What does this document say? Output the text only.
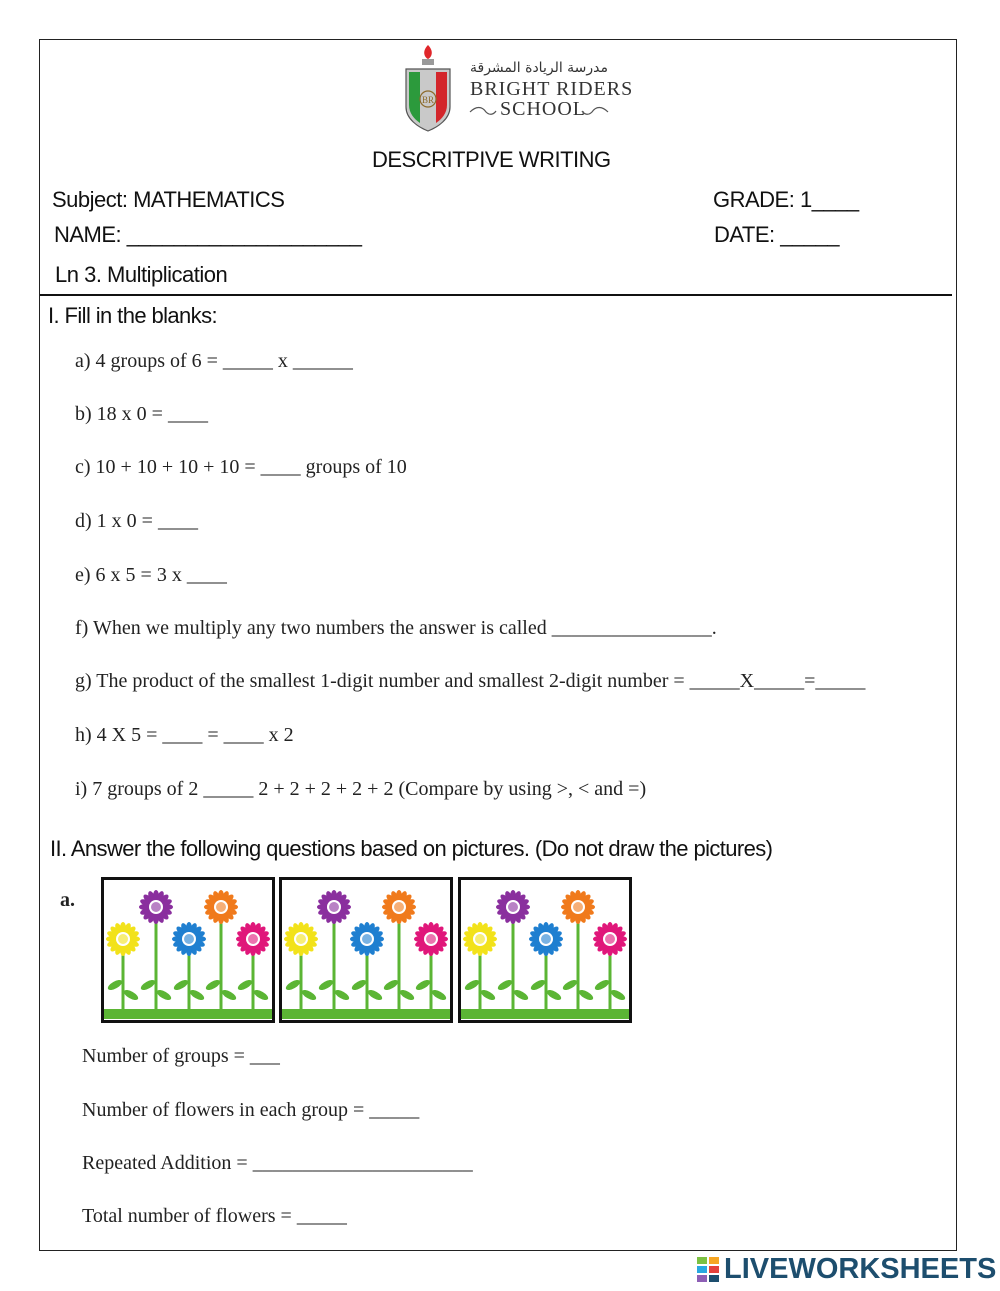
BR
مدرسة الريادة المشرقة
BRIGHT RIDERS
SCHOOL
DESCRITPIVE WRITING
Subject: MATHEMATICS	GRADE: 1____
NAME: ____________________	DATE: _____
Ln 3. Multiplication
I. Fill in the blanks:
a) 4 groups of 6 = _____ x ______
b) 18 x 0 = ____
c) 10 + 10 + 10 + 10 = ____ groups of 10
d) 1 x 0 = ____
e) 6 x 5 = 3 x ____
f) When we multiply any two numbers the answer is called ________________.
g) The product of the smallest 1-digit number and smallest 2-digit number = _____X_____=_____
h) 4 X 5 = ____ = ____ x 2
i) 7 groups of 2 _____ 2 + 2 + 2 + 2 + 2 (Compare by using >, < and =)
II. Answer the following questions based on pictures. (Do not draw the pictures)
a.
Number of groups = ___
Number of flowers in each group = _____
Repeated Addition = ______________________
Total number of flowers = _____
LIVEWORKSHEETS
